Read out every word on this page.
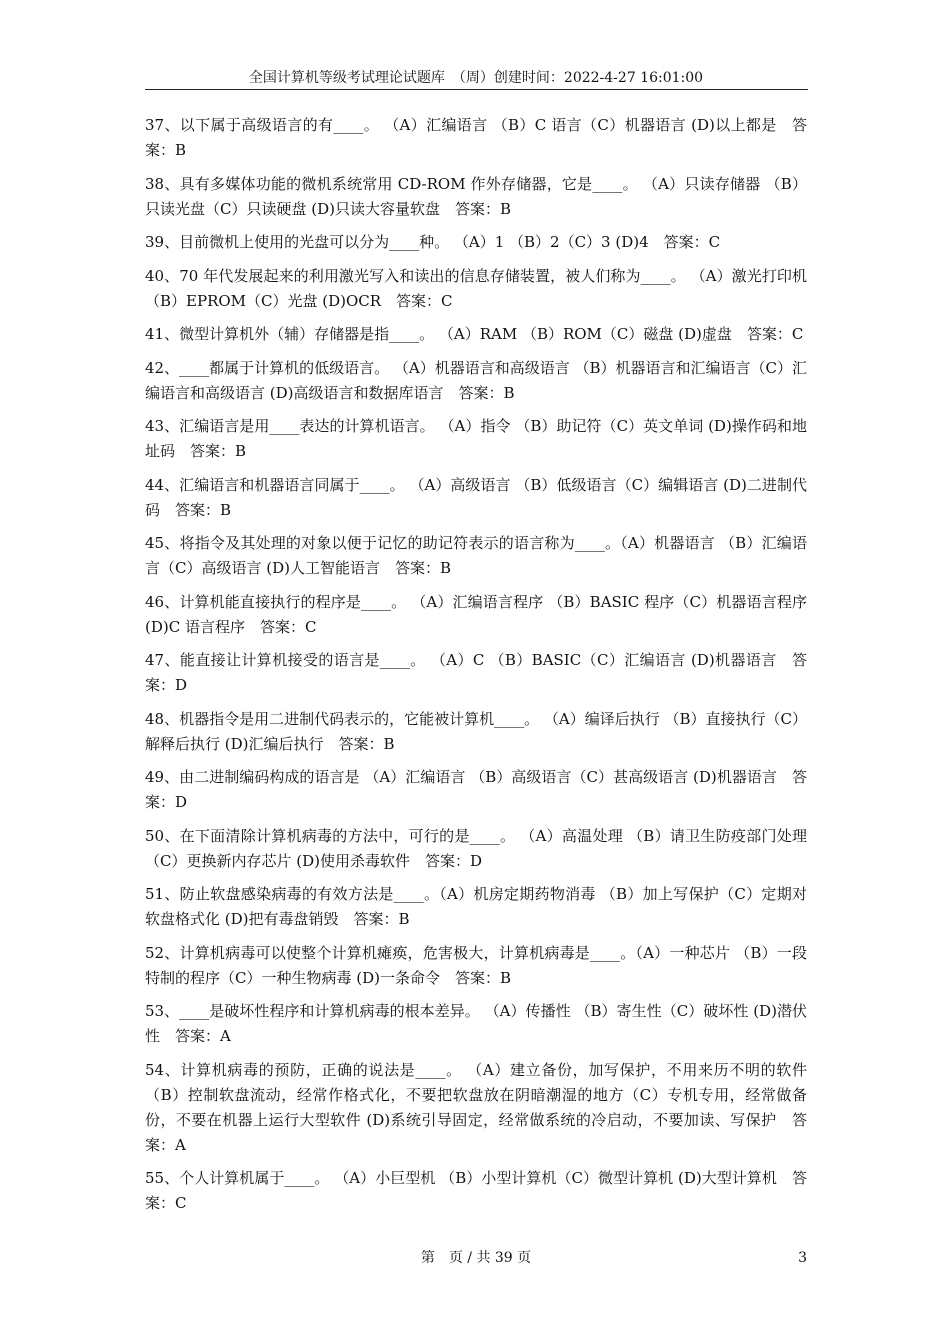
全国计算机等级考试理论试题库　（周）创建时间：2022-4-27 16:01:00

37、以下属于高级语言的有____。 （A）汇编语言 （B）C 语言（C）机器语言 (D)以上都是　答案：B

38、具有多媒体功能的微机系统常用 CD-ROM 作外存储器，它是____。 （A）只读存储器 （B）只读光盘（C）只读硬盘 (D)只读大容量软盘　答案：B

39、目前微机上使用的光盘可以分为____种。 （A）1 （B）2（C）3 (D)4　答案：C

40、70 年代发展起来的利用激光写入和读出的信息存储装置，被人们称为____。 （A）激光打印机 （B）EPROM（C）光盘 (D)OCR　答案：C

41、微型计算机外（辅）存储器是指____。 （A）RAM （B）ROM（C）磁盘 (D)虚盘　答案：C

42、____都属于计算机的低级语言。 （A）机器语言和高级语言 （B）机器语言和汇编语言（C）汇编语言和高级语言 (D)高级语言和数据库语言　答案：B

43、汇编语言是用____表达的计算机语言。 （A）指令 （B）助记符（C）英文单词 (D)操作码和地址码　答案：B

44、汇编语言和机器语言同属于____。 （A）高级语言 （B）低级语言（C）编辑语言 (D)二进制代码　答案：B

45、将指令及其处理的对象以便于记忆的助记符表示的语言称为____。（A）机器语言 （B）汇编语言（C）高级语言 (D)人工智能语言　答案：B

46、计算机能直接执行的程序是____。 （A）汇编语言程序 （B）BASIC 程序（C）机器语言程序 (D)C 语言程序　答案：C

47、能直接让计算机接受的语言是____。 （A）C （B）BASIC（C）汇编语言 (D)机器语言　答案：D

48、机器指令是用二进制代码表示的，它能被计算机____。 （A）编译后执行 （B）直接执行（C）解释后执行 (D)汇编后执行　答案：B

49、由二进制编码构成的语言是 （A）汇编语言 （B）高级语言（C）甚高级语言 (D)机器语言　答案：D

50、在下面清除计算机病毒的方法中，可行的是____。 （A）高温处理 （B）请卫生防疫部门处理（C）更换新内存芯片 (D)使用杀毒软件　答案：D

51、防止软盘感染病毒的有效方法是____。（A）机房定期药物消毒 （B）加上写保护（C）定期对软盘格式化 (D)把有毒盘销毁　答案：B

52、计算机病毒可以使整个计算机瘫痪，危害极大，计算机病毒是____。（A）一种芯片 （B）一段特制的程序（C）一种生物病毒 (D)一条命令　答案：B

53、____是破坏性程序和计算机病毒的根本差异。 （A）传播性 （B）寄生性（C）破坏性 (D)潜伏性　答案：A

54、计算机病毒的预防，正确的说法是____。 （A）建立备份，加写保护，不用来历不明的软件 （B）控制软盘流动，经常作格式化，不要把软盘放在阴暗潮湿的地方（C）专机专用，经常做备份，不要在机器上运行大型软件 (D)系统引导固定，经常做系统的冷启动，不要加读、写保护　答案：A

55、个人计算机属于____。 （A）小巨型机 （B）小型计算机（C）微型计算机 (D)大型计算机　答案：C

第　页 / 共 39 页	3
